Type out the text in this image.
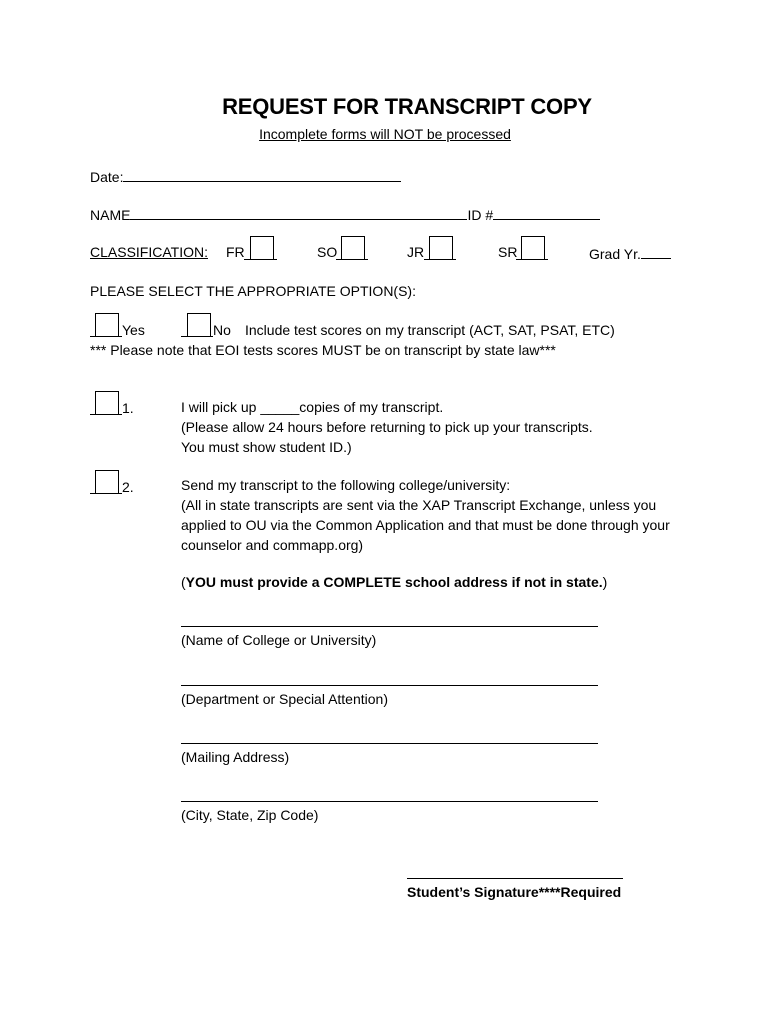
REQUEST FOR TRANSCRIPT COPY
Incomplete forms will NOT be processed
Date:
NAME	ID #
CLASSIFICATION: FR	SO	JR	SR	Grad Yr.
PLEASE SELECT THE APPROPRIATE OPTION(S):
Yes	No Include test scores on my transcript (ACT, SAT, PSAT, ETC)
*** Please note that EOI tests scores MUST be on transcript by state law***
1.	I will pick up _____copies of my transcript.
(Please allow 24 hours before returning to pick up your transcripts.
You must show student ID.)
2.	Send my transcript to the following college/university:
(All in state transcripts are sent via the XAP Transcript Exchange, unless you
applied to OU via the Common Application and that must be done through your
counselor and commapp.org)
(YOU must provide a COMPLETE school address if not in state.)
(Name of College or University)
(Department or Special Attention)
(Mailing Address)
(City, State, Zip Code)
Student’s Signature****Required
